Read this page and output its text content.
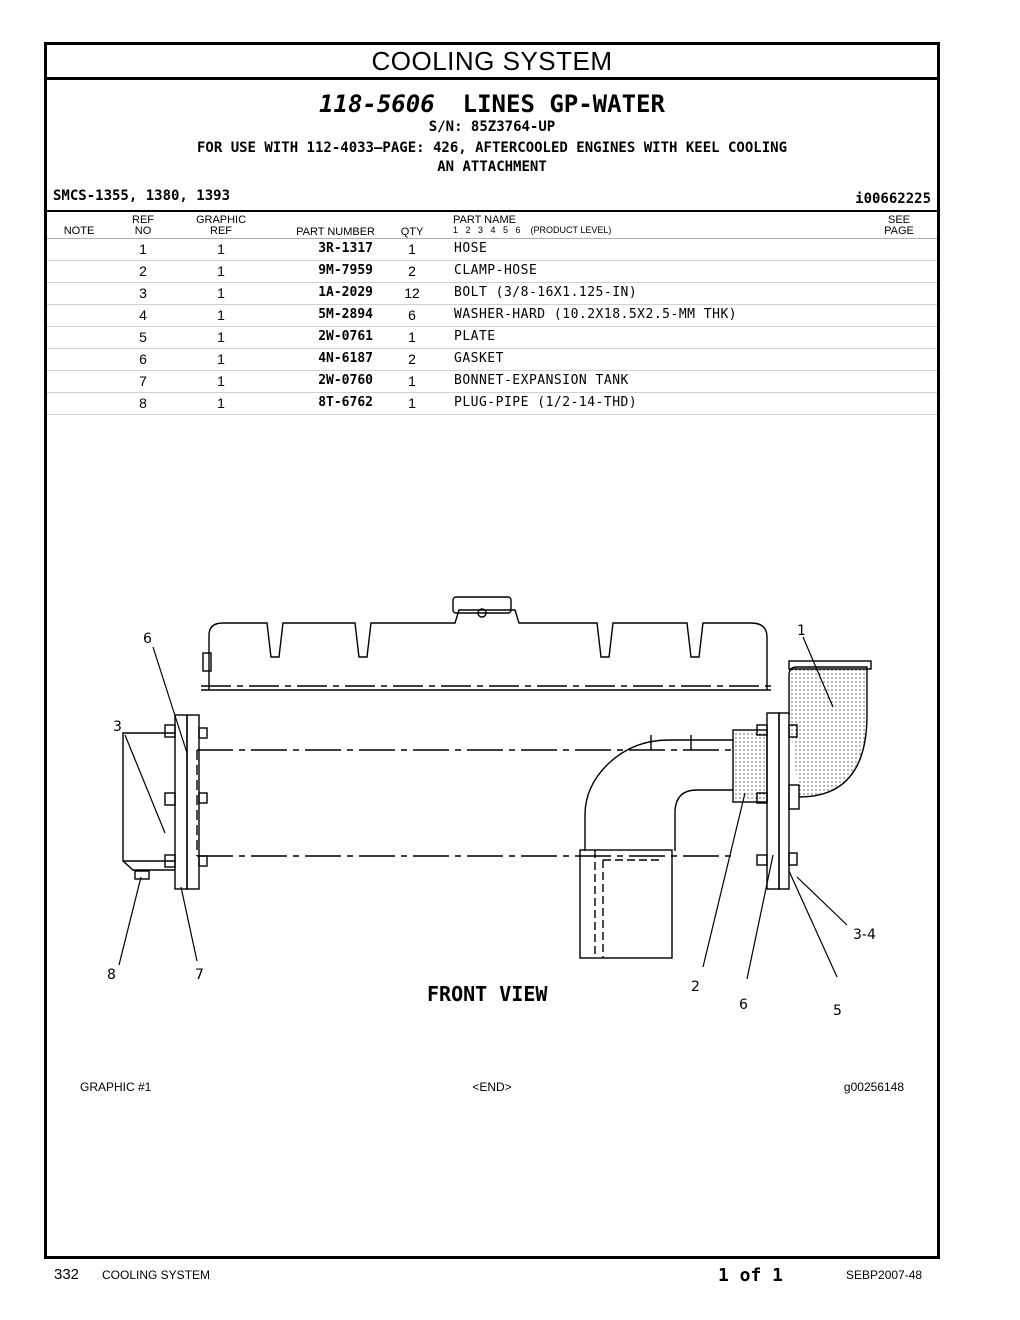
COOLING SYSTEM
118-5606 LINES GP-WATER
S/N: 85Z3764-UP
FOR USE WITH 112-4033—PAGE: 426, AFTERCOOLED ENGINES WITH KEEL COOLING
AN ATTACHMENT
SMCS-1355, 1380, 1393	i00662225
NOTE
REF
NO
GRAPHIC
REF	PART NUMBER	QTY
PART NAME
1   2   3   4   5   6    (PRODUCT LEVEL)
SEE
PAGE
1	1	3R-1317	1	HOSE
2	1	9M-7959	2	CLAMP-HOSE
3	1	1A-2029	12	BOLT (3/8-16X1.125-IN)
4	1	5M-2894	6	WASHER-HARD (10.2X18.5X2.5-MM THK)
5	1	2W-0761	1	PLATE
6	1	4N-6187	2	GASKET
7	1	2W-0760	1	BONNET-EXPANSION TANK
8	1	8T-6762	1	PLUG-PIPE (1/2-14-THD)
6
3
8	7
1
2
6	5
3-4
FRONT VIEW
GRAPHIC #1	<END>	g00256148
332 COOLING SYSTEM	1 of 1	SEBP2007-48
